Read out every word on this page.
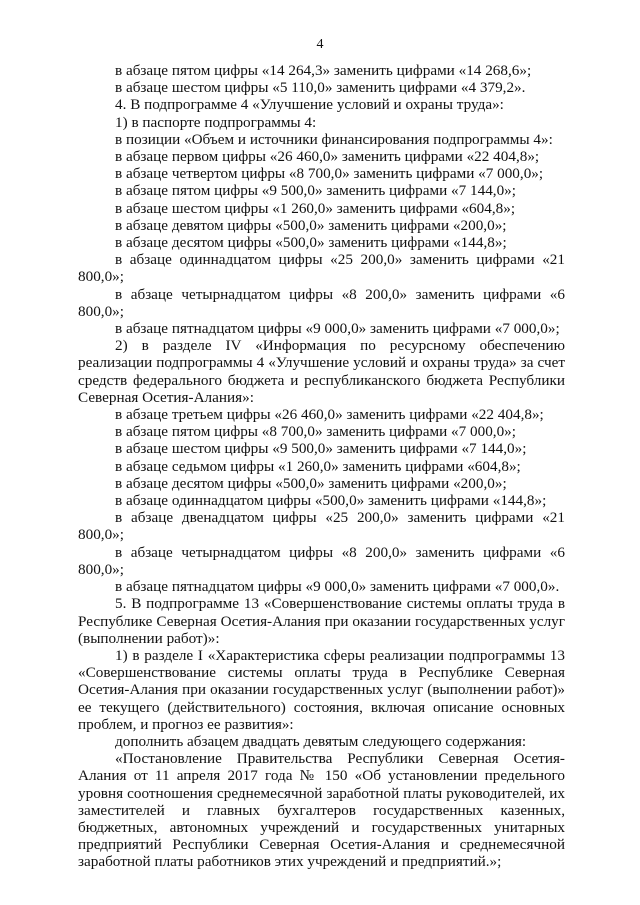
4

в абзаце пятом цифры «14 264,3» заменить цифрами «14 268,6»;

в абзаце шестом цифры «5 110,0» заменить цифрами «4 379,2».

4. В подпрограмме 4 «Улучшение условий и охраны труда»:

1) в паспорте подпрограммы 4:

в позиции «Объем и источники финансирования подпрограммы 4»:

в абзаце первом цифры «26 460,0» заменить цифрами «22 404,8»;

в абзаце четвертом цифры «8 700,0» заменить цифрами «7 000,0»;

в абзаце пятом цифры «9 500,0» заменить цифрами «7 144,0»;

в абзаце шестом цифры «1 260,0» заменить цифрами «604,8»;

в абзаце девятом цифры «500,0» заменить цифрами «200,0»;

в абзаце десятом цифры «500,0» заменить цифрами «144,8»;

в абзаце одиннадцатом цифры «25 200,0» заменить цифрами «21 800,0»;

в абзаце четырнадцатом цифры «8 200,0» заменить цифрами «6 800,0»;

в абзаце пятнадцатом цифры «9 000,0» заменить цифрами «7 000,0»;

2) в разделе IV «Информация по ресурсному обеспечению реализации подпрограммы 4 «Улучшение условий и охраны труда» за счет средств федерального бюджета и республиканского бюджета Республики Северная Осетия-Алания»:

в абзаце третьем цифры «26 460,0» заменить цифрами «22 404,8»;

в абзаце пятом цифры «8 700,0» заменить цифрами «7 000,0»;

в абзаце шестом цифры «9 500,0» заменить цифрами «7 144,0»;

в абзаце седьмом цифры «1 260,0» заменить цифрами «604,8»;

в абзаце десятом цифры «500,0» заменить цифрами «200,0»;

в абзаце одиннадцатом цифры «500,0» заменить цифрами «144,8»;

в абзаце двенадцатом цифры «25 200,0» заменить цифрами «21 800,0»;

в абзаце четырнадцатом цифры «8 200,0» заменить цифрами «6 800,0»;

в абзаце пятнадцатом цифры «9 000,0» заменить цифрами «7 000,0».

5. В подпрограмме 13 «Совершенствование системы оплаты труда в Республике Северная Осетия-Алания при оказании государственных услуг (выполнении работ)»:

1) в разделе I «Характеристика сферы реализации подпрограммы 13 «Совершенствование системы оплаты труда в Республике Северная Осетия-Алания при оказании государственных услуг (выполнении работ)» ее текущего (действительного) состояния, включая описание основных проблем, и прогноз ее развития»:

дополнить абзацем двадцать девятым следующего содержания:

«Постановление Правительства Республики Северная Осетия-Алания от 11 апреля 2017 года № 150 «Об установлении предельного уровня соотношения среднемесячной заработной платы руководителей, их заместителей и главных бухгалтеров государственных казенных, бюджетных, автономных учреждений и государственных унитарных предприятий Республики Северная Осетия-Алания и среднемесячной заработной платы работников этих учреждений и предприятий.»;
